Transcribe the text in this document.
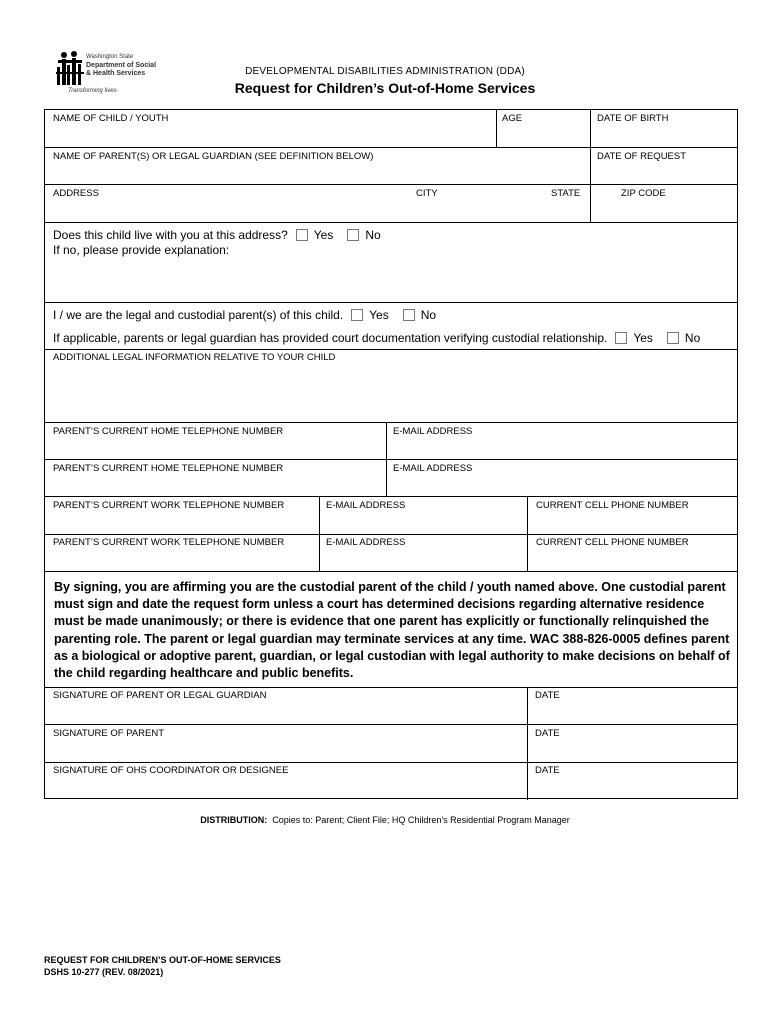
Washington State
Department of Social
& Health Services
Transforming lives
DEVELOPMENTAL DISABILITIES ADMINISTRATION (DDA)
Request for Children’s Out-of-Home Services
NAME OF CHILD / YOUTH	AGE	DATE OF BIRTH
NAME OF PARENT(S) OR LEGAL GUARDIAN (SEE DEFINITION BELOW)	DATE OF REQUEST
ADDRESS	CITY	STATE	ZIP CODE
Does this child live with you at this address? Yes	No
If no, please provide explanation:
I / we are the legal and custodial parent(s) of this child. Yes	No
If applicable, parents or legal guardian has provided court documentation verifying custodial relationship. Yes	No
ADDITIONAL LEGAL INFORMATION RELATIVE TO YOUR CHILD
PARENT’S CURRENT HOME TELEPHONE NUMBER	E-MAIL ADDRESS
PARENT’S CURRENT HOME TELEPHONE NUMBER	E-MAIL ADDRESS
PARENT’S CURRENT WORK TELEPHONE NUMBER	E-MAIL ADDRESS	CURRENT CELL PHONE NUMBER
PARENT’S CURRENT WORK TELEPHONE NUMBER	E-MAIL ADDRESS	CURRENT CELL PHONE NUMBER
By signing, you are affirming you are the custodial parent of the child / youth named above. One custodial parent must sign and date the request form unless a court has determined decisions regarding alternative residence must be made unanimously; or there is evidence that one parent has explicitly or functionally relinquished the parenting role. The parent or legal guardian may terminate services at any time. WAC 388-826-0005 defines parent as a biological or adoptive parent, guardian, or legal custodian with legal authority to make decisions on behalf of the child regarding healthcare and public benefits.
SIGNATURE OF PARENT OR LEGAL GUARDIAN	DATE
SIGNATURE OF PARENT	DATE
SIGNATURE OF OHS COORDINATOR OR DESIGNEE	DATE
DISTRIBUTION: Copies to: Parent; Client File; HQ Children’s Residential Program Manager
REQUEST FOR CHILDREN’S OUT-OF-HOME SERVICES
DSHS 10-277 (REV. 08/2021)
